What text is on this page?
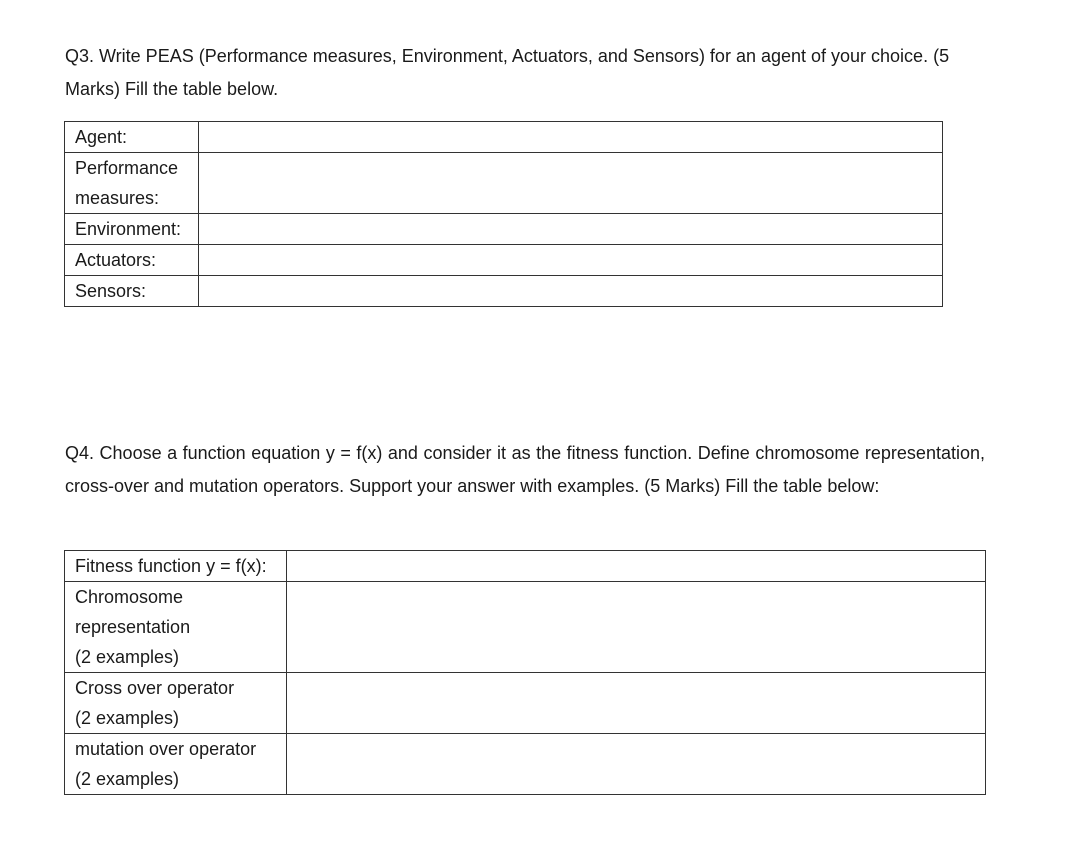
Q3. Write PEAS (Performance measures, Environment, Actuators, and Sensors) for an agent of your choice. (5 Marks) Fill the table below.

Agent:	

Performance
measures:	

Environment:	
Actuators:	
Sensors:	

Q4. Choose a function equation y = f(x) and consider it as the fitness function. Define chromosome representation, cross-over and mutation operators. Support your answer with examples. (5 Marks) Fill the table below:

Fitness function y = f(x):	

Chromosome
representation
(2 examples)	

Cross over operator
(2 examples)	

mutation over operator
(2 examples)	
